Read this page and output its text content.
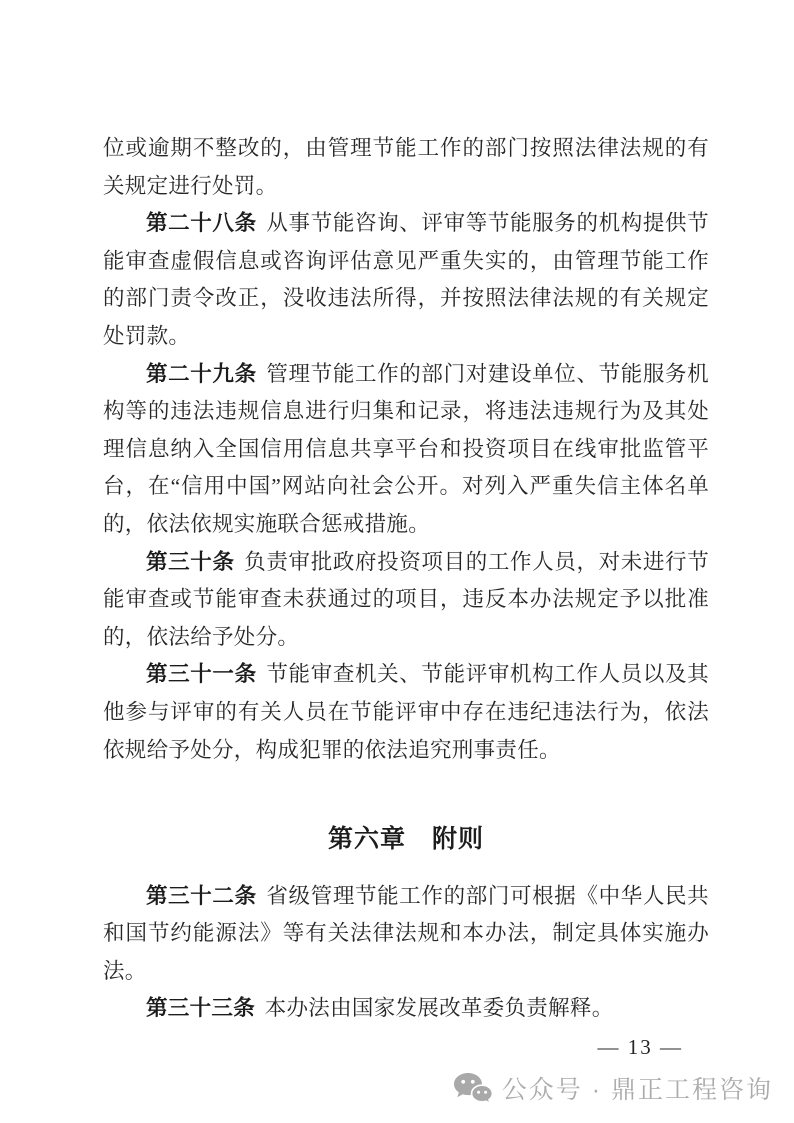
位或逾期不整改的，由管理节能工作的部门按照法律法规的有关规定进行处罚。

第二十八条 从事节能咨询、评审等节能服务的机构提供节能审查虚假信息或咨询评估意见严重失实的，由管理节能工作的部门责令改正，没收违法所得，并按照法律法规的有关规定处罚款。

第二十九条 管理节能工作的部门对建设单位、节能服务机构等的违法违规信息进行归集和记录，将违法违规行为及其处理信息纳入全国信用信息共享平台和投资项目在线审批监管平台，在“信用中国”网站向社会公开。对列入严重失信主体名单的，依法依规实施联合惩戒措施。

第三十条 负责审批政府投资项目的工作人员，对未进行节能审查或节能审查未获通过的项目，违反本办法规定予以批准的，依法给予处分。

第三十一条 节能审查机关、节能评审机构工作人员以及其他参与评审的有关人员在节能评审中存在违纪违法行为，依法依规给予处分，构成犯罪的依法追究刑事责任。

第六章　附则

第三十二条 省级管理节能工作的部门可根据《中华人民共和国节约能源法》等有关法律法规和本办法，制定具体实施办法。

第三十三条 本办法由国家发展改革委负责解释。

— 13 —
公众号 · 鼎正工程咨询
